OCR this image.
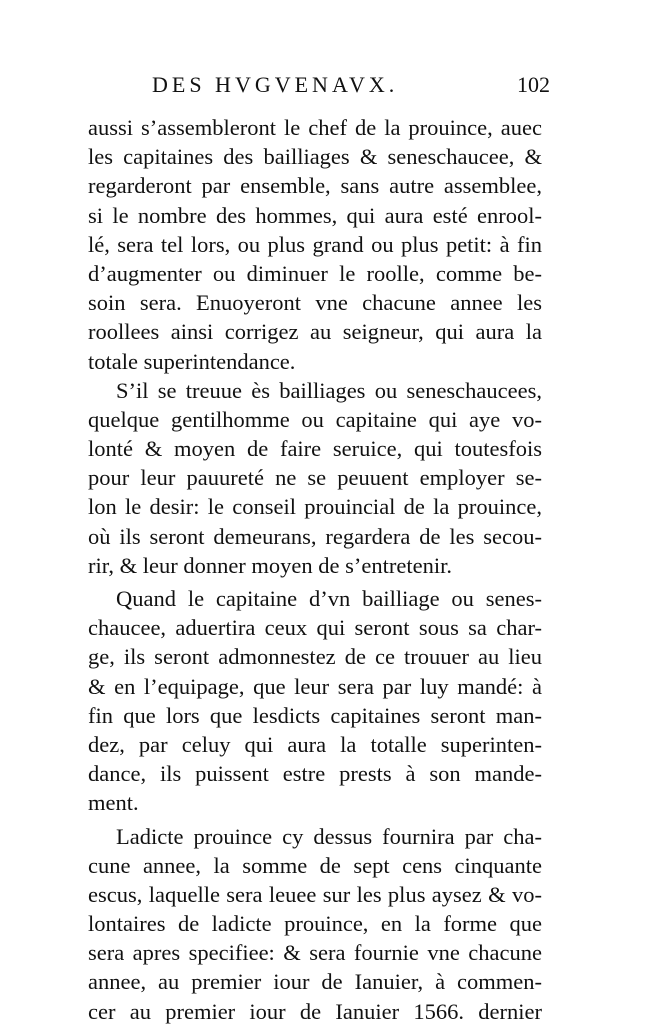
DES HVGVENAVX.	102
aussi s’assembleront le chef de la prouince, auec
les capitaines des bailliages & seneschaucee, &
regarderont par ensemble, sans autre assemblee,
si le nombre des hommes, qui aura esté enrool-
lé, sera tel lors, ou plus grand ou plus petit: à fin
d’augmenter ou diminuer le roolle, comme be-
soin sera. Enuoyeront vne chacune annee les
roollees ainsi corrigez au seigneur, qui aura la
totale superintendance.
S’il se treuue ès bailliages ou seneschaucees,
quelque gentilhomme ou capitaine qui aye vo-
lonté & moyen de faire seruice, qui toutesfois
pour leur pauureté ne se peuuent employer se-
lon le desir: le conseil prouincial de la prouince,
où ils seront demeurans, regardera de les secou-
rir, & leur donner moyen de s’entretenir.
Quand le capitaine d’vn bailliage ou senes-
chaucee, aduertira ceux qui seront sous sa char-
ge, ils seront admonnestez de ce trouuer au lieu
& en l’equipage, que leur sera par luy mandé: à
fin que lors que lesdicts capitaines seront man-
dez, par celuy qui aura la totalle superinten-
dance, ils puissent estre prests à son mande-
ment.
Ladicte prouince cy dessus fournira par cha-
cune annee, la somme de sept cens cinquante
escus, laquelle sera leuee sur les plus aysez & vo-
lontaires de ladicte prouince, en la forme que
sera apres specifiee: & sera fournie vne chacune
annee, au premier iour de Ianuier, à commen-
cer au premier iour de Ianuier 1566. dernier
